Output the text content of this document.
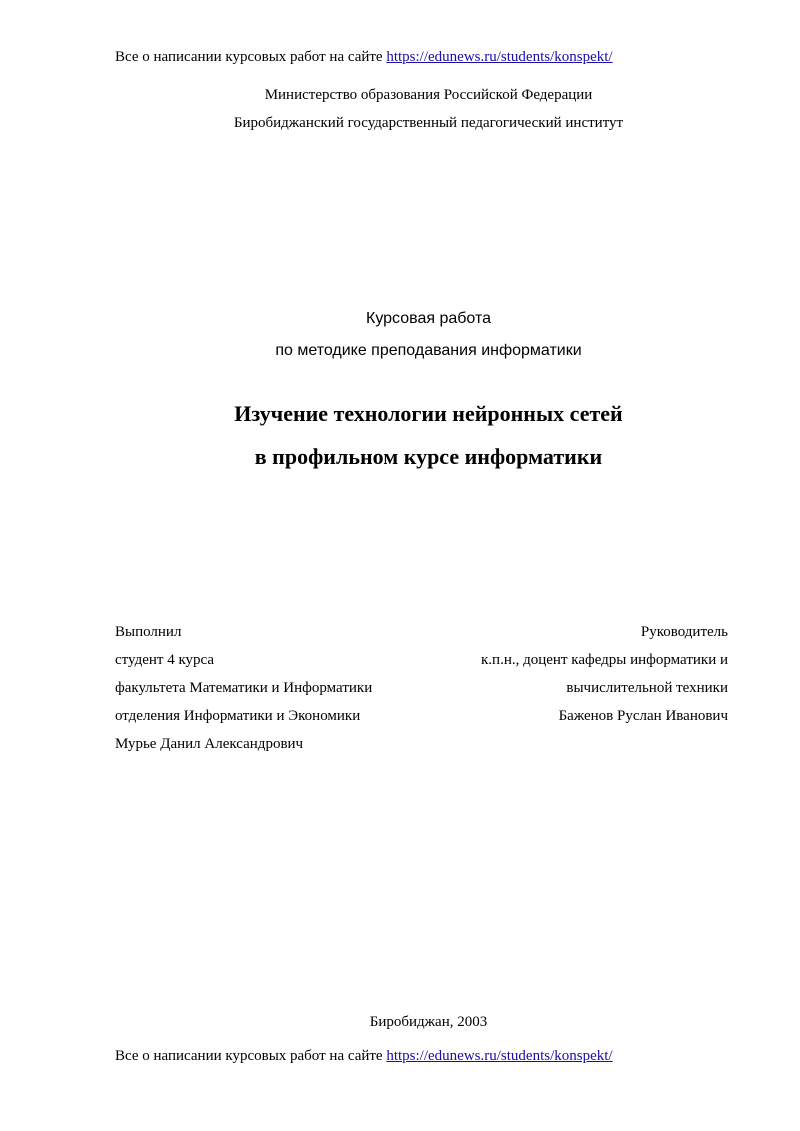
Все о написании курсовых работ на сайте https://edunews.ru/students/konspekt/
Министерство образования Российской Федерации
Биробиджанский государственный педагогический институт
Курсовая работа
по методике преподавания информатики
Изучение технологии нейронных сетей
в профильном курсе информатики
Выполнил
студент 4 курса
факультета Математики и Информатики
отделения Информатики и Экономики
Мурье Данил Александрович
Руководитель
к.п.н., доцент кафедры информатики и
вычислительной техники
Баженов Руслан Иванович
Биробиджан, 2003
Все о написании курсовых работ на сайте https://edunews.ru/students/konspekt/
